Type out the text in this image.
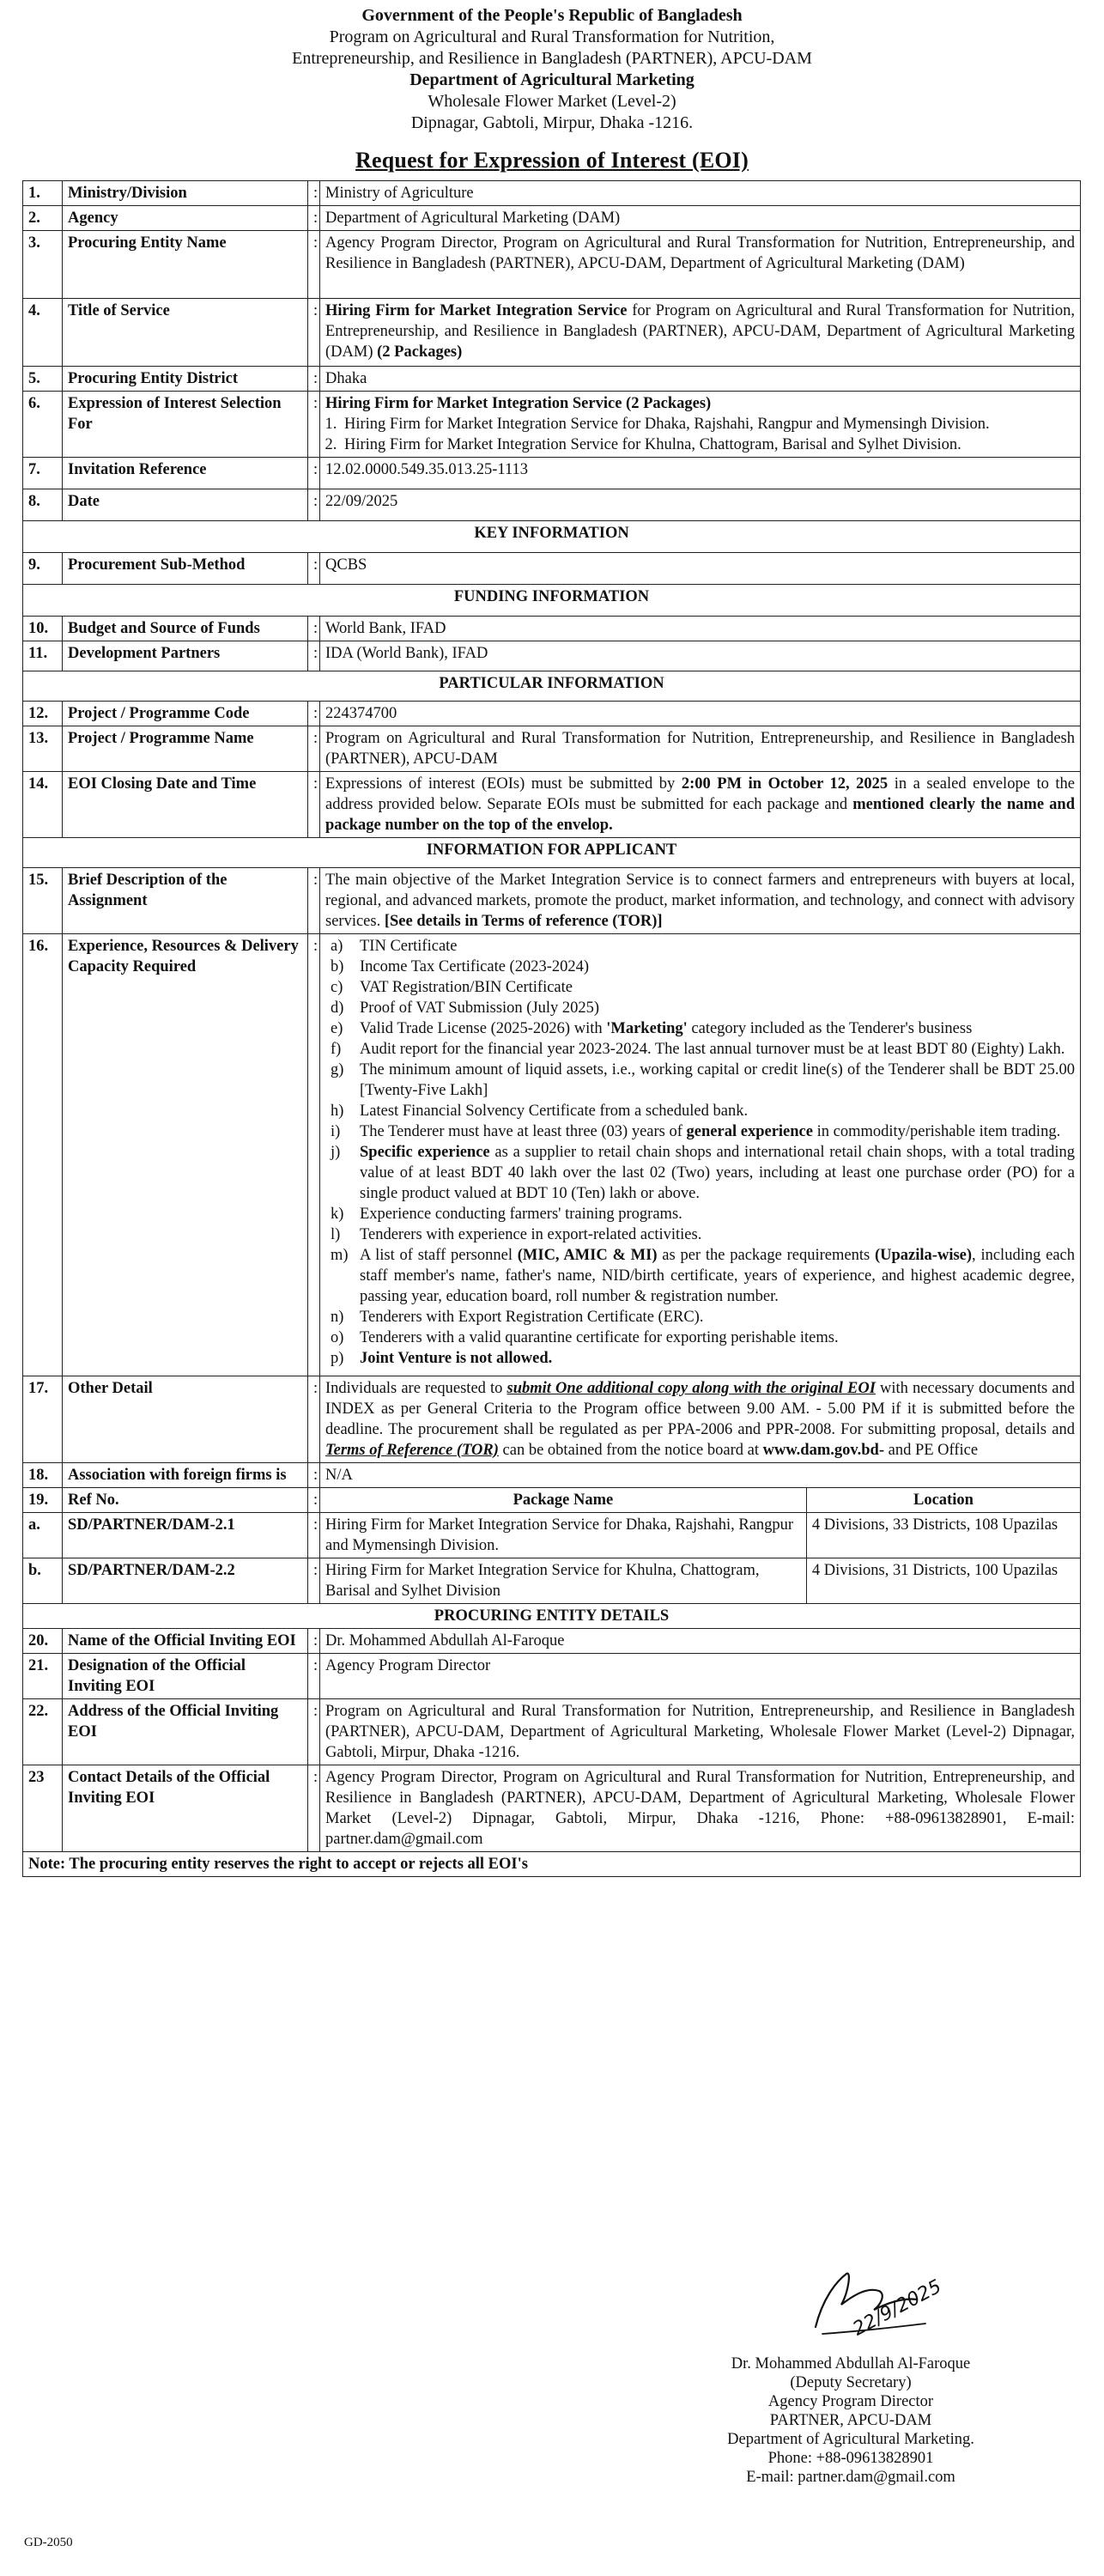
Government of the People's Republic of Bangladesh
Program on Agricultural and Rural Transformation for Nutrition,
Entrepreneurship, and Resilience in Bangladesh (PARTNER), APCU-DAM
Department of Agricultural Marketing
Wholesale Flower Market (Level-2)
Dipnagar, Gabtoli, Mirpur, Dhaka -1216.
Request for Expression of Interest (EOI)
1.	Ministry/Division	:	Ministry of Agriculture
2.	Agency	:	Department of Agricultural Marketing (DAM)
3.	Procuring Entity Name	:	Agency Program Director, Program on Agricultural and Rural Transformation for Nutrition, Entrepreneurship, and Resilience in Bangladesh (PARTNER), APCU-DAM, Department of Agricultural Marketing (DAM)
4.	Title of Service	:	Hiring Firm for Market Integration Service for Program on Agricultural and Rural Transformation for Nutrition, Entrepreneurship, and Resilience in Bangladesh (PARTNER), APCU-DAM, Department of Agricultural Marketing (DAM) (2 Packages)
5.	Procuring Entity District	:	Dhaka
6.	Expression of Interest Selection For	:	Hiring Firm for Market Integration Service (2 Packages)
1. Hiring Firm for Market Integration Service for Dhaka, Rajshahi, Rangpur and Mymensingh Division.
2. Hiring Firm for Market Integration Service for Khulna, Chattogram, Barisal and Sylhet Division.

7.	Invitation Reference	:	12.02.0000.549.35.013.25-1113
8.	Date	:	22/09/2025
KEY INFORMATION
9.	Procurement Sub-Method	:	QCBS
FUNDING INFORMATION
10.	Budget and Source of Funds	:	World Bank, IFAD
11.	Development Partners	:	IDA (World Bank), IFAD
PARTICULAR INFORMATION
12.	Project / Programme Code	:	224374700
13.	Project / Programme Name	:	Program on Agricultural and Rural Transformation for Nutrition, Entrepreneurship, and Resilience in Bangladesh (PARTNER), APCU-DAM
14.	EOI Closing Date and Time	:	Expressions of interest (EOIs) must be submitted by 2:00 PM in October 12, 2025 in a sealed envelope to the address provided below. Separate EOIs must be submitted for each package and mentioned clearly the name and package number on the top of the envelop.
INFORMATION FOR APPLICANT
15.	Brief Description of the Assignment	:	The main objective of the Market Integration Service is to connect farmers and entrepreneurs with buyers at local, regional, and advanced markets, promote the product, market information, and technology, and connect with advisory services. [See details in Terms of reference (TOR)]
16.	Experience, Resources & Delivery Capacity Required	:	a)	TIN Certificate
b)	Income Tax Certificate (2023-2024)
c)	VAT Registration/BIN Certificate
d)	Proof of VAT Submission (July 2025)
e)	Valid Trade License (2025-2026) with 'Marketing' category included as the Tenderer's business
f)	Audit report for the financial year 2023-2024. The last annual turnover must be at least BDT 80 (Eighty) Lakh.
g)	The minimum amount of liquid assets, i.e., working capital or credit line(s) of the Tenderer shall be BDT 25.00 [Twenty-Five Lakh]
h)	Latest Financial Solvency Certificate from a scheduled bank.
i)	The Tenderer must have at least three (03) years of general experience in commodity/perishable item trading.
j)	Specific experience as a supplier to retail chain shops and international retail chain shops, with a total trading value of at least BDT 40 lakh over the last 02 (Two) years, including at least one purchase order (PO) for a single product valued at BDT 10 (Ten) lakh or above.
k)	Experience conducting farmers' training programs.
l)	Tenderers with experience in export-related activities.
m) A list of staff personnel (MIC, AMIC & MI) as per the package requirements (Upazila-wise), including each staff member's name, father's name, NID/birth certificate, years of experience, and highest academic degree, passing year, education board, roll number & registration number.
n)	Tenderers with Export Registration Certificate (ERC).
o)	Tenderers with a valid quarantine certificate for exporting perishable items.
p)	Joint Venture is not allowed.

17.	Other Detail	:	Individuals are requested to submit One additional copy along with the original EOI with necessary documents and INDEX as per General Criteria to the Program office between 9.00 AM. - 5.00 PM if it is submitted before the deadline. The procurement shall be regulated as per PPA-2006 and PPR-2008. For submitting proposal, details and Terms of Reference (TOR) can be obtained from the notice board at www.dam.gov.bd- and PE Office
18.	Association with foreign firms is	:	N/A
19.	Ref No.	:		Package Name	Location

a.	SD/PARTNER/DAM-2.1	:	Hiring Firm for Market Integration Service for Dhaka, Rajshahi, Rangpur and Mymensingh Division.	4 Divisions, 33 Districts, 108 Upazilas

b.	SD/PARTNER/DAM-2.2	:	Hiring Firm for Market Integration Service for Khulna, Chattogram, Barisal and Sylhet Division	4 Divisions, 31 Districts, 100 Upazilas

PROCURING ENTITY DETAILS
20.	Name of the Official Inviting EOI	:	Dr. Mohammed Abdullah Al-Faroque
21.	Designation of the Official Inviting EOI	:	Agency Program Director
22.	Address of the Official Inviting EOI	:	Program on Agricultural and Rural Transformation for Nutrition, Entrepreneurship, and Resilience in Bangladesh (PARTNER), APCU-DAM, Department of Agricultural Marketing, Wholesale Flower Market (Level-2) Dipnagar, Gabtoli, Mirpur, Dhaka -1216.
23	Contact Details of the Official Inviting EOI	:	Agency Program Director, Program on Agricultural and Rural Transformation for Nutrition, Entrepreneurship, and Resilience in Bangladesh (PARTNER), APCU-DAM, Department of Agricultural Marketing, Wholesale Flower Market (Level-2) Dipnagar, Gabtoli, Mirpur, Dhaka -1216, Phone: +88-09613828901, E-mail: partner.dam@gmail.com
Note: The procuring entity reserves the right to accept or rejects all EOI's
22/9/2025
Dr. Mohammed Abdullah Al-Faroque
(Deputy Secretary)
Agency Program Director
PARTNER, APCU-DAM
Department of Agricultural Marketing.
Phone: +88-09613828901
E-mail: partner.dam@gmail.com
GD-2050
